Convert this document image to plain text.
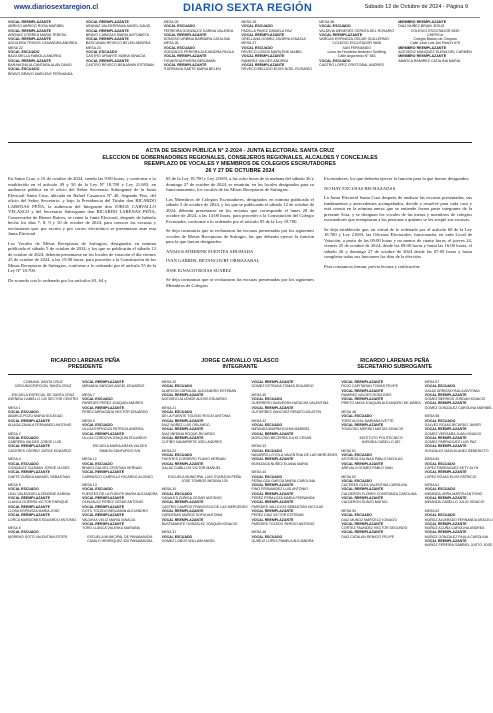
www.diariosextaregion.cl	DIARIO SEXTA REGIÓN	Sábado 12 de Octubre de 2024 - Página 9

VOCAL REEMPLAZANTE

ABRIGO ABRIGO ROSA MARIBEL

VOCAL REEMPLAZANTE

ARENAS CORREA MARIA TERESA

VOCAL REEMPLAZANTE

AGUILERA TRIGOS CASANDRA ANDREA

MESA 22

VOCAL ESCUADO

BAZA MELLA FABIOLA ANDREA

VOCAL REEMPLAZANTE

BARAHONA ALCANTARA ALAN DAVID

VOCAL ESCUADO

BRAVO BRAVO MARLENY FERNANDA

VOCAL REEMPLAZANTE

ARANAZ VALDERRAMA ANGEL DAVID

VOCAL REEMPLAZANTE

BRAVO CABEZAS MARIA ANTONIETA

VOCAL REEMPLAZANTE

BASCUNAN REVECO BELEN ANDREA

MESA 23

VOCAL ESCUADO

CASTRO URIARTE MARIA IGNACIA

VOCAL REEMPLAZANTE

CASTRO REVECO BENJAMIN ESTEBAN

MESA 25

VOCAL ESCUADO

FERREIRA GONZALEZ KARINA VALESKA

VOCAL REEMPLAZANTE

DONOSO URBINA BARBARA CATALINA

MESA 26

VOCAL ESCUADO

GONZALEZ PEREIRA ALEJANDRA PAOLA

VOCAL REEMPLAZANTE

FIGUEROA RIVERA BENJAMIN

VOCAL REEMPLAZANTE

ITURRIAGA SAETE MARIA BELEN

MESA 35

VOCAL ESCUADO

PADILLA PAVEZ DANIELA PAZ

VOCAL REEMPLAZANTE

ORELLANA GOMEZ JAVIERA IGNACIA

MESA 37

VOCAL ESCUADO

REVECO LOBOS MARILENE MABEL

VOCAL REEMPLAZANTE

RAMIREZ VALDES ANDREA

VOCAL REEMPLAZANTE

REVECO BELLIDO ELVIS NOEL ROSARIO

MESA 38

VOCAL ESCUADO

VALDIVIA MENESES CERNTA DEL ROSARIO

VOCAL REEMPLAZANTE

VARGAS ESPINOZA OSCAR GUILLERMO

COLEGIO ESCUTADOR 0606

SAN FERNANDO

Liceo de Hombres Neandro Schilling

Calle Argomedo N° 583

VOCAL ESCUADO

CASTRO LOPEZ CRISTOBAL ANDRES

MIEMBRO REEMPLAZANTE

DIAZ NUÑEZ BRIAN JESUS

COLEGIO ESCUTADOR 0630

CHEPICA

Colegio Blasco de Chepica

Calle José Luis Del Real N 679

MIEMBRO REEMPLAZANTE

ACEVEDO MANQUEZ ELENA DEL CARMEN

MIEMBRO REEMPLAZANTE

ABARCA RAMIREZ CATALINA MARIA

ACTA DE SESION PÚBLICA N° 2-2024 - JUNTA ELECTORAL SANTA CRUZ
ELECCION DE GOBERNADORES REGIONALES, CONSEJEROS REGIONALES, ALCALDES Y CONCEJALES
REEMPLAZO DE VOCALES Y MIEMBROS DE COLEGIOS ESCRUTADORES
26 Y 27 DE OCTUBRE 2024

En Santa Cruz, a 10 de octubre de 2024, siendo las 9:00 horas, y conforme a lo establecido en el artículo 49 y 50 de la Ley Nº 18.700 y Ley 21.693, en audiencia pública en el oficio del Señor Secretario Subrogante de la Junta Electoral Santa Cruz, ubicada en Rafael Casanova Nº 40, Segundo Piso, del oficio del Señor Secretario, y bajo la Presidencia del Titular don RICARDO LARENAS PEÑA, la audiencia del Integrante don JORGE CARVALLO VELASCO y del Secretario Subrogante don RICARDO LARENAS PEÑA, Conservador de Bienes Raíces, se reúne la Junta Electoral, después de haberlo hecho los días 7, 8, 9 y 10 de octubre de 2024, para conocer las excusas y exclusiones que, por escrito y por correo electrónico se presentaron ante esta Junta Electoral.

Los Vocales de Mesas Receptoras de Sufragios, designados en nómina publicada el sábado 5 de octubre de 2024, y los que se publicarán el sábado 12 de octubre de 2024, deberán presentarse en los locales de votación el día viernes 25 de octubre de 2024, a las 15:00 horas, para proceder a la Constitución de las Mesas Receptoras de Sufragios, conforme a lo ordenado por el artículo 55 de la Ley Nº 18.700.

De acuerdo con lo ordenado por los artículos 63, 64 y

65 de la Ley 18.700 y Ley 21693, a las ocho horas de la mañana del sábado 26 y domingo 27 de octubre de 2024, se reunirán, en los locales designados para su funcionamiento, los vocales de las Mesas Receptoras de Sufragios.

Los Miembros de Colegios Escrutadores, designados en nómina publicada el sábado 5 de octubre de 2024, y los que se publicarán el sábado 12 de octubre de 2024, deberán presentarse en los recintos que corresponde el lunes 28 de octubre de 2024, a las 14:00 horas, para proceder a la Constitución del Colegio Escrutador, conforme a lo ordenado por el artículo 95 de la Ley 18.700.

Se deja constancia que se rechazaron las excusas presentadas por los siguientes vocales de Mesas Receptoras de Sufragio, las que deberán ejercer la función para la que fueron designados:

ANAIS KATHERINE FUENTES AHUMADA

IVAN GABRIEL BETANCOURT ORMAZABAL

JOSE IGNACIO ROJAS SUAREZ

Se deja constancia que se rechazaron las excusas presentadas por los siguientes Miembros de Colegios

Escrutadores, los que deberán ejercer la función para la que fueron designados:

NO HAY EXCUSAS RECHAZADAS

La Junta Electoral Santa Cruz después de analizar las excusas presentadas, sus fundamentos y antecedentes acompañados, decide y resuelve para cada caso y está consta en la nómina anexa que se entiende forma parte integrante de la presente Acta, y se designan los vocales de las mesas y miembros de colegios escrutadores que reemplazan a las personas a quienes se les aceptó sus excusas.

Se deja establecido que, en virtud de lo ordenado por el artículo 60 de la Ley 18.700 y Ley 21693, las Oficinas Electorales, funcionarán, en cada Local de Votación, a partir de las 09:00 horas y no menos de cuatro horas, el jueves 24, viernes 25 de octubre de 2024, desde las 09:00 horas y hasta las 16:00 horas, el sábado 26 y domingo 27 de octubre de 2024 desde las 07:00 horas y hasta completar todas sus funciones los días de la elección.

Para constancia firman, previa lectura y ratificación:

RICARDO LARENAS PEÑA
PRESIDENTE
JORGE CARVALLO VELASCO
INTEGRANTE
RICARDO LARENAS PEÑA
SECRETARIO SUBROGANTE

COMUNA: SANTA CRUZ

CIRCUNSCRIPCION: SANTA CRUZ

ESCUELA ESPECIAL DE SANTA CRUZ

AVENIDA CABELLO 133 SECTOR CENTRO

MESA 1

VOCAL ESCUADO

ABARCA POZO MARIA SOLEDAD

VOCAL REEMPLAZANTE

ALIAGA ZAVALA FERNANDO ANTONIO

MESA 2

VOCAL ESCUADO

CABRERA VALDES JORGE LUIS

VOCAL REEMPLAZANTE

CACERES OSORIO JORGE EDUARDO

MESA 4

VOCAL ESCUADO

GONZALEZ GUZMAN JORGE ULISES

VOCAL REEMPLAZANTE

GAETE ZUÑIGA MANUEL SEBASTIAN

MESA 5

VOCAL ESCUADO

LEAL VALENZUELA ZENOBIE KARINA

VOCAL REEMPLAZANTE

LLANCA GUERRA VICTOR ENRIQUE

VOCAL REEMPLAZANTE

LLOSA ESPINOZA MARIA JOSE

VOCAL REEMPLAZANTE

LORCA MARDONES EDUARDO ANTONIO

MESA 6

VOCAL ESCUADO

MORENO SOTO VALENTINA ESTER

VOCAL REEMPLAZANTE

MIRANDA VARGAS ANGEL EDUARDO

MESA 7

VOCAL ESCUADO

PAREDES PEREZ JOAQUIN ANDRES

VOCAL REEMPLAZANTE

PEREZ ARRAGADA HECTOR EDUARDO

MESA 9

VOCAL ESCUADO

ULLOA ESPINOZA PATRICIA ANDREA

VOCAL REEMPLAZANTE

ULLOA CORDOVA JOAQUIN EDUARDO

ESCUELA MARIA ARAYA VALDES

RAMON SANFURGO S/N

MESA 12

VOCAL ESCUADO

BRAVO GALVEZ CRISTIAN HERNAN

VOCAL REEMPLAZANTE

CARRASCO CARRILLO RICARDO ALONSO

MESA 13

VOCAL ESCUADO

FUENTES DE LA FUENTE MARIA ALEJANDRA

VOCAL REEMPLAZANTE

GONZALEZ PEREZ CESAR ANTONIO

VOCAL REEMPLAZANTE

GOTO TOLEDO BENJAMIN ALEJANDRO

VOCAL REEMPLAZANTE

VALDIVIA VELIZ MARIA IGNACIA

VOCAL REEMPLAZANTE

TORO LLANCA VALESKA MARIANA

ESCUELA MUNICIPAL DE PANAMAVIDA

CAMILO HENRIQUEZ 420 PANAMAVIDA

MESA 20

VOCAL ESCUADO

ALARCON CARVAJAL ALEJANDRO ESTEBAN

VOCAL REEMPLAZANTE

ACEVEDO ALLENDE ALEXIS EDUARDO

MESA 21

VOCAL ESCUADO

DE LA FUENTE TOLEDO ROCIO ANTONIA

VOCAL REEMPLAZANTE

DIAZ NUÑEZ LUIS ORLANDO

VOCAL REEMPLAZANTE

DIAZ MEDINA ROQUE RICARDO

VOCAL REEMPLAZANTE

CUTIÑO NAVARRETE JOEL ANDRES

MESA 22

VOCAL ESCUADO

FUENTES CORDERO FLAVIO HERNAN

VOCAL REEMPLAZANTE

GALAZ CUBILLOS VICTOR MANUEL

ESCUELA MUNICIPAL LUIS OYARZUN PEÑA

JOSE TOMBOS MEDINA 130

MESA 30

VOCAL ESCUADO

CANALES ZUÑIGA CESAR ANTONIO

VOCAL REEMPLAZANTE

CASTRO CAMPOS FRANCISCA DE LAS MERCEDES

VOCAL REEMPLAZANTE

CARDENAS MUÑOZ SOFIA ANTONIA

VOCAL REEMPLAZANTE

BUSTAMANTE GONZALEZ JOAQUIN IGNACIO

MESA 31

VOCAL ESCUADO

GOMEZ LOBOS WILLIAM ANGEL

VOCAL REEMPLAZANTE

GOMEZ ESTRADA TOMAS EDUARDO

MESA 40

VOCAL ESCUADO

GUERRERO SAAVEDRA NATACHA VALENTINA

VOCAL REEMPLAZANTE

GUTIERREZ SANCHEZ RENATO AGUSTIN

MESA 42

VOCAL ESCUADO

MIRANDA IBARRA ELENA MARIBEL

VOCAL REEMPLAZANTE

MOSCOSO BECERRA JULIO CESAR

MESA 43

VOCAL ESCUADO

NAVARRO LOYOLA VALENTINA DE LAS MERCEDES

VOCAL REEMPLAZANTE

MUNIZAGA NUÑEZ ELIANA MARIA

MESA 44

VOCAL ESCUADO

PEÑALOZA GARCIA MARIA CAROLINA

VOCAL REEMPLAZANTE

PINO FERNANDEZ LUIS ANTONIO

VOCAL REEMPLAZANTE

PEREZ PEÑALOZA MARIA FERNANDA

VOCAL REEMPLAZANTE

PAREDES VALLEJOS SEBASTIAN NICOLAS

VOCAL REEMPLAZANTE

PEREZ DIAZ VICTOR ESTEBAN

VOCAL REEMPLAZANTE

PAREDES TOLEDO SERGIO ANTONIO

MESA 46

VOCAL ESCUADO

QUIROZ LOPEZ PAMELA ALEJANDRA

VOCAL REEMPLAZANTE

ROJO CAPITARAN TOMAS FELIPE

VOCAL REEMPLAZANTE

RAMIREZ VALDES ROSA INES

VOCAL REEMPLAZANTE

PRIETO MAYA JOAQUIN ALEJANDRO DE MARIA

MESA 48

VOCAL ESCUADO

TORO ALVIAL MARIANA IVETTE

VOCAL REEMPLAZANTE

TONCOSO MERINO MATIAS IGNACIO

INSTITUTO POLITECNICO

AVENIDA CABELLO 487

MESA 51

VOCAL ESCUADO

ASTORGA SALINAS PABLO NICOLAS

VOCAL REEMPLAZANTE

AREVALO GOMEZ PABLO IVAN

MESA 52

VOCAL ESCUADO

CACERES OLEA VALENTINA CAROLINA

VOCAL REEMPLAZANTE

CALDERON FLORES CONSTANZA CAROLINA

VOCAL REEMPLAZANTE

CALDERON SUAZO MATIAS

MESA 54

VOCAL ESCUADO

DIAZ MUNOZ MARCELO IGNACIO

VOCAL REEMPLAZANTE

CORTEZ FAUNDEZ HECTOR SEGUNDO

VOCAL REEMPLAZANTE

DIAZ CATALAN RENATO FELIPE

MESA 57

VOCAL ESCUADO

GALAZ ARRIATA PAULA ANTONIA

VOCAL REEMPLAZANTE

GOMEZ BERRIOS JORDAN IGNACIO

VOCAL REEMPLAZANTE

GOMEZ GONZALEZ CAROLINA MARIBEL

MESA 58

VOCAL ESCUADO

GALVEZ ROJAS RICARDO JAVIER

VOCAL REEMPLAZANTE

GOMEZ VERGARA JUAN IGNACIO

VOCAL REEMPLAZANTE

GOMEZ PARRAGUEZ LUIS PAZ

VOCAL REEMPLAZANTE

GONZALEZ MAGUILANEZ BENEDICTO

MESA 60

VOCAL ESCUADO

LOPEZ PARRAGUEZ KETY ALYN

VOCAL REEMPLAZANTE

LOPEZ ROJAS ELVIS PATRICIO

MESA 61

VOCAL ESCUADO

MIRANDA URRA MARTIN ANTONIO

VOCAL REEMPLAZANTE

MIRANDA CABELLO JULIO IGNACIO

MESA 62

VOCAL ESCUADO

MUÑOZ ALVARADO FERNANDA ARACELI

VOCAL REEMPLAZANTE

MUÑOZ ACUÑA CAROLINA ANDREA

VOCAL REEMPLAZANTE

MUÑOZ GONZALEZ PAULA CAROLINA

VOCAL REEMPLAZANTE

MUÑOZ PEREIRA GABRIEL JUSTO JOSE
